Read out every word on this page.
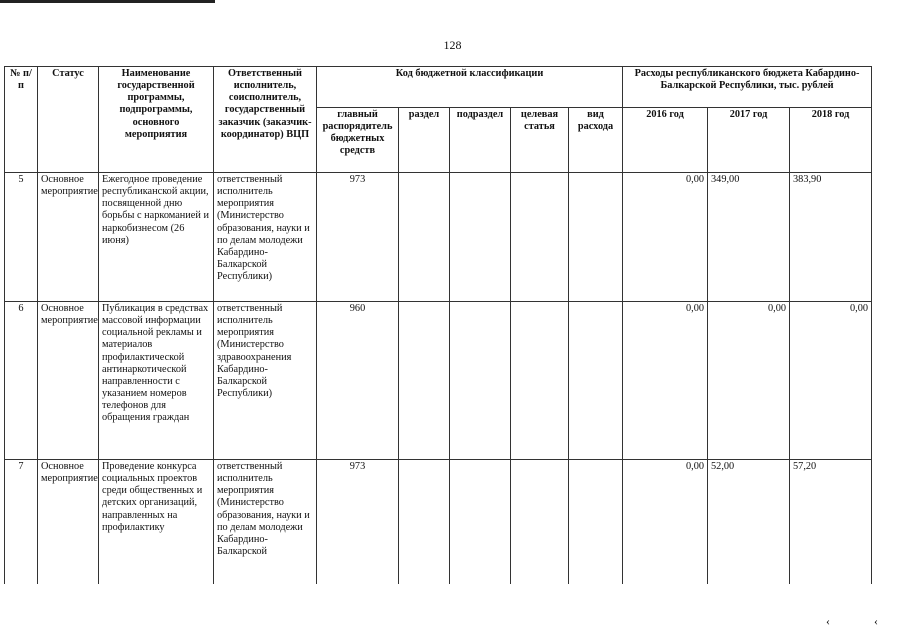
128
№ п/п	Статус	Наименование государственной программы, подпрограммы, основного мероприятия	Ответственный исполнитель, соисполнитель, государственный заказчик (заказчик-координатор) ВЦП	Код бюджетной классификации					Расходы республиканского бюджета Кабардино-Балкарской Республики, тыс. рублей		
				главный распорядитель бюджетных средств	раздел	подраздел	целевая статья	вид расхода	2016 год	2017 год	2018 год
5	Основное мероприятие	Ежегодное проведение республиканской акции, посвященной дню борьбы с наркоманией и наркобизнесом (26 июня)	ответственный исполнитель мероприятия (Министерство образования, науки и по делам молодежи Кабардино-Балкарской Республики)	973					0,00	349,00	383,90
6	Основное мероприятие	Публикация в средствах массовой информации социальной рекламы и материалов профилактической антинаркотической направленности с указанием номеров телефонов для обращения граждан	ответственный исполнитель мероприятия (Министерство здравоохранения Кабардино-Балкарской Республики)	960					0,00	0,00	0,00
7	Основное мероприятие	Проведение конкурса социальных проектов среди общественных и детских организаций, направленных на профилактику	ответственный исполнитель мероприятия (Министерство образования, науки и по делам молодежи Кабардино-Балкарской	973					0,00	52,00	57,20
‹	‹
